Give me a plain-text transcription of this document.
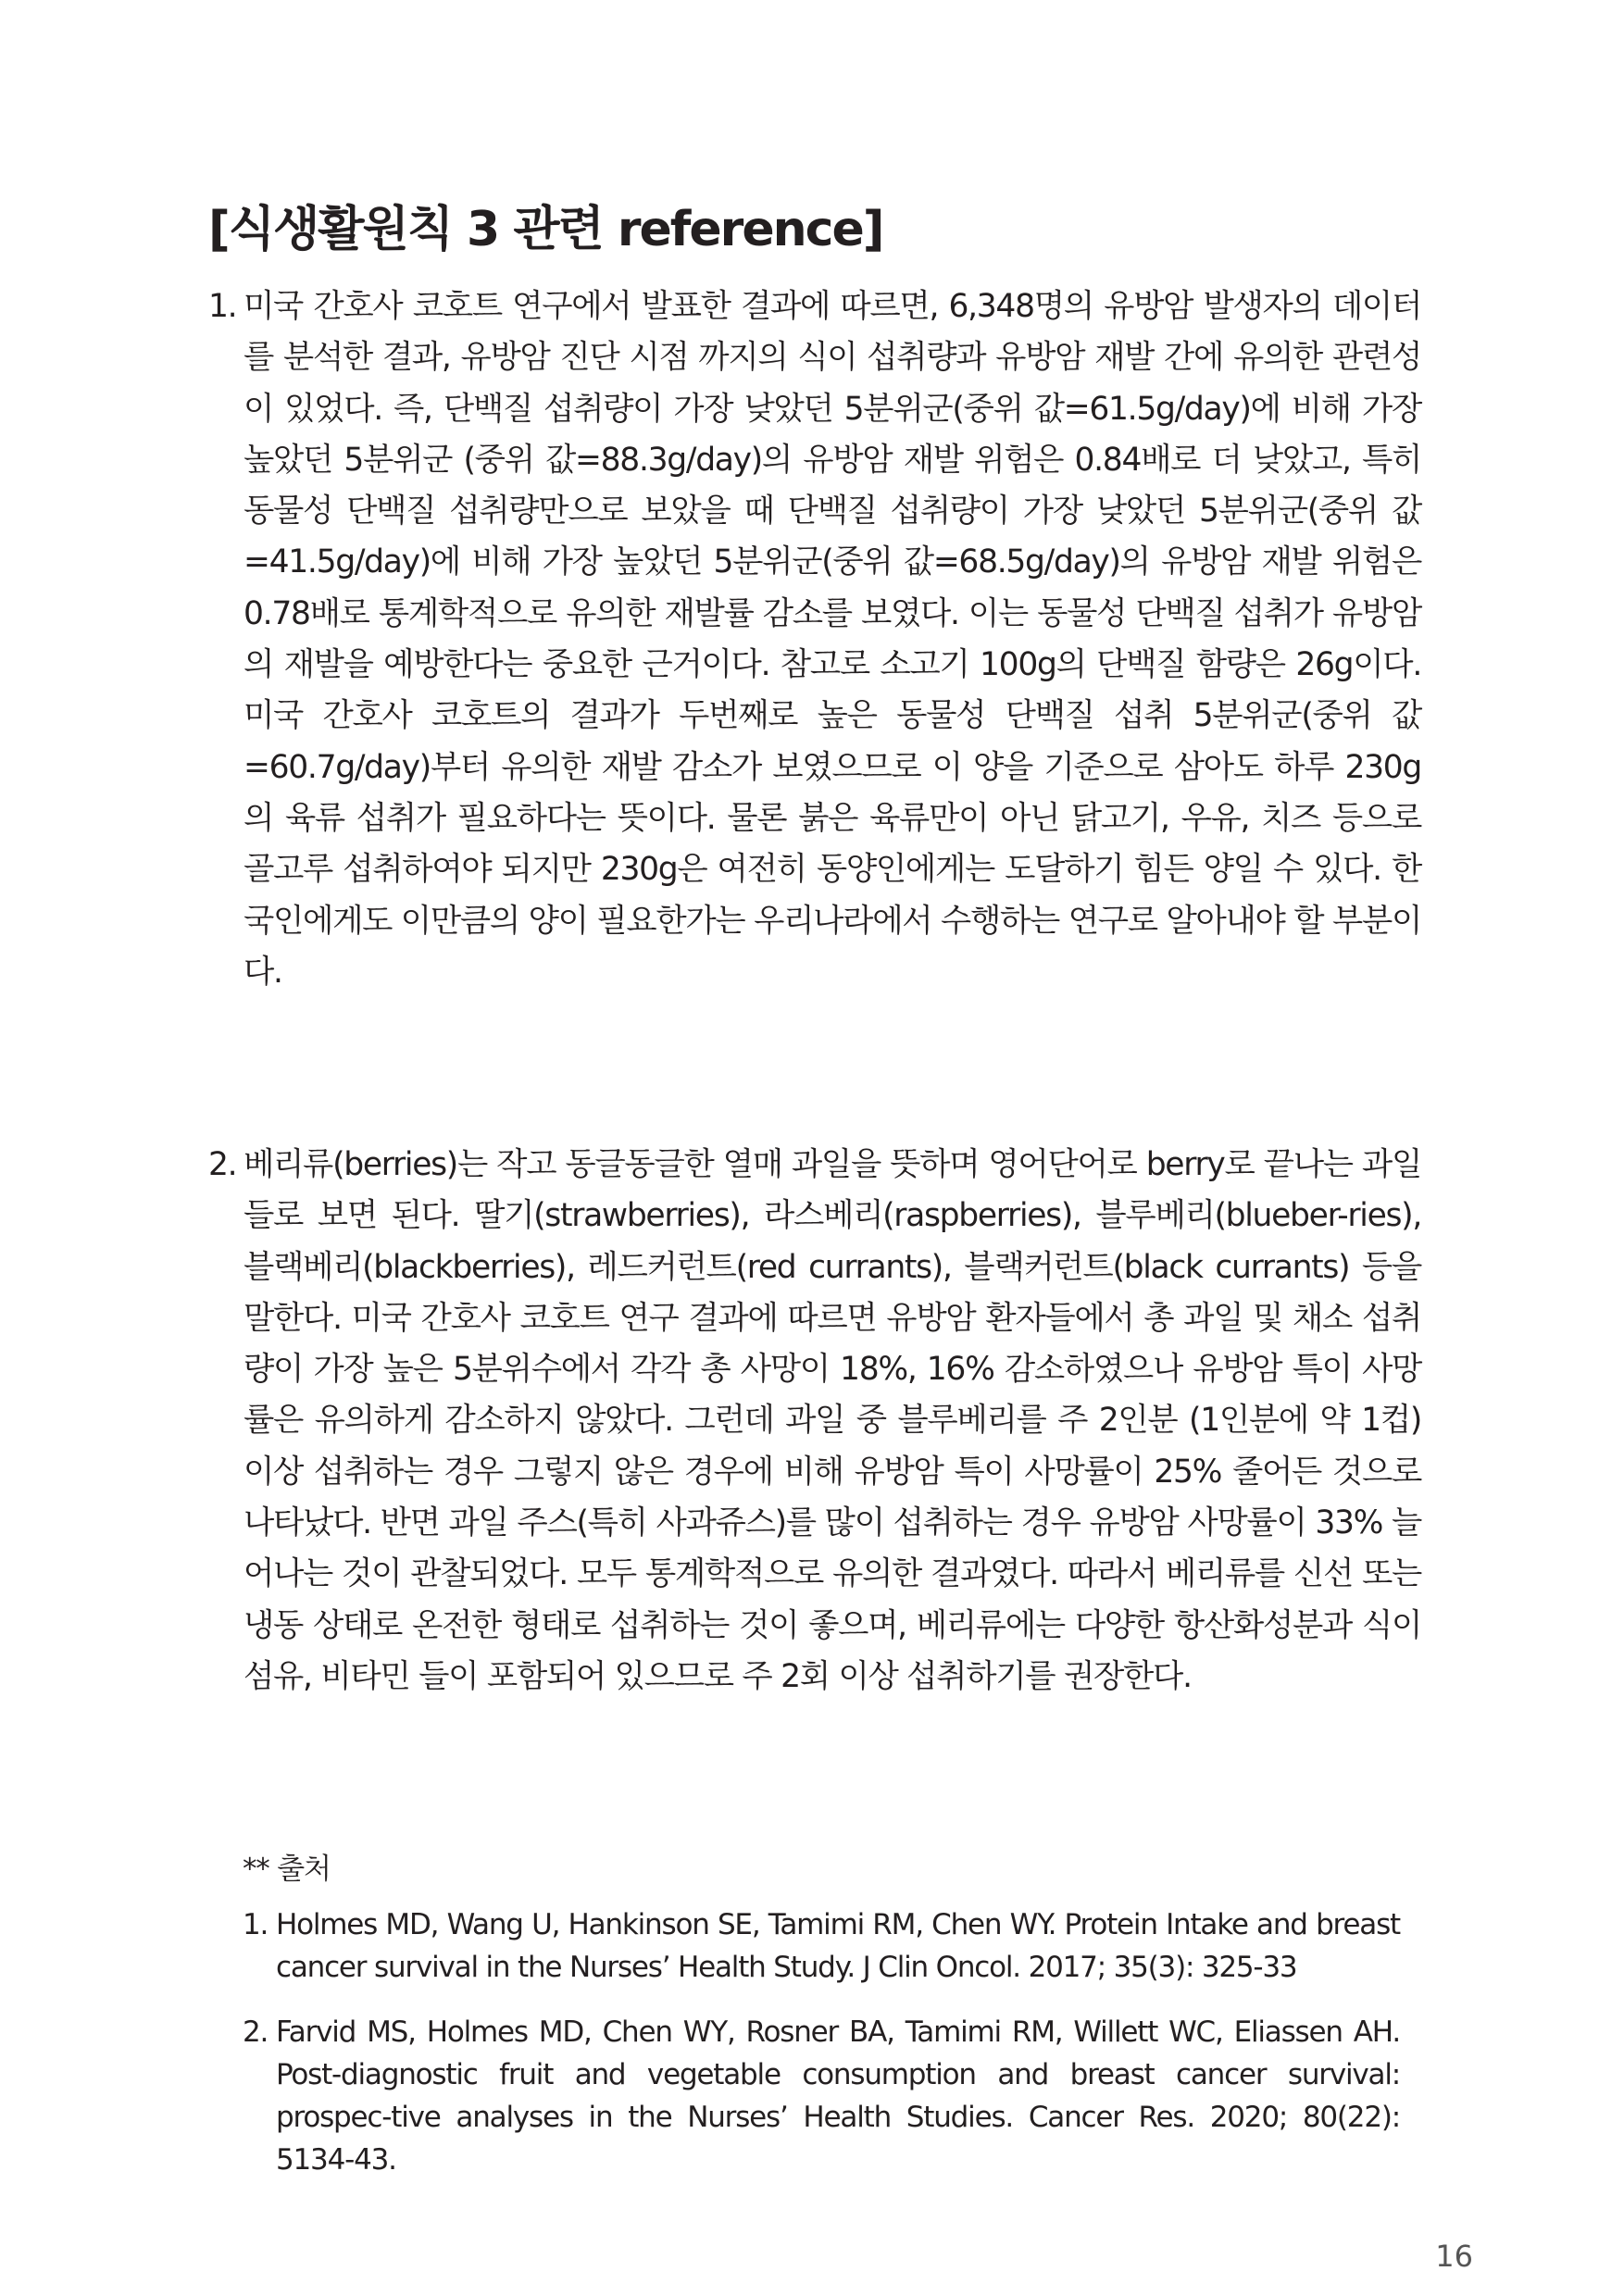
[식생활원칙 3 관련 reference]
1. 미국 간호사 코호트 연구에서 발표한 결과에 따르면, 6,348명의 유방암 발생자의 데이터를 분석한 결과, 유방암 진단 시점 까지의 식이 섭취량과 유방암 재발 간에 유의한 관련성이 있었다. 즉, 단백질 섭취량이 가장 낮았던 5분위군(중위 값=61.5g/day)에 비해 가장 높았던 5분위군 (중위 값=88.3g/day)의 유방암 재발 위험은 0.84배로 더 낮았고, 특히 동물성 단백질 섭취량만으로 보았을 때 단백질 섭취량이 가장 낮았던 5분위군(중위 값=41.5g/day)에 비해 가장 높았던 5분위군(중위 값=68.5g/day)의 유방암 재발 위험은 0.78배로 통계학적으로 유의한 재발률 감소를 보였다. 이는 동물성 단백질 섭취가 유방암의 재발을 예방한다는 중요한 근거이다. 참고로 소고기 100g의 단백질 함량은 26g이다. 미국 간호사 코호트의 결과가 두번째로 높은 동물성 단백질 섭취 5분위군(중위 값=60.7g/day)부터 유의한 재발 감소가 보였으므로 이 양을 기준으로 삼아도 하루 230g의 육류 섭취가 필요하다는 뜻이다. 물론 붉은 육류만이 아닌 닭고기, 우유, 치즈 등으로 골고루 섭취하여야 되지만 230g은 여전히 동양인에게는 도달하기 힘든 양일 수 있다. 한국인에게도 이만큼의 양이 필요한가는 우리나라에서 수행하는 연구로 알아내야 할 부분이다.
2. 베리류(berries)는 작고 동글동글한 열매 과일을 뜻하며 영어단어로 berry로 끝나는 과일들로 보면 된다. 딸기(strawberries), 라스베리(raspberries), 블루베리(blueber-ries), 블랙베리(blackberries), 레드커런트(red currants), 블랙커런트(black currants) 등을 말한다. 미국 간호사 코호트 연구 결과에 따르면 유방암 환자들에서 총 과일 및 채소 섭취량이 가장 높은 5분위수에서 각각 총 사망이 18%, 16% 감소하였으나 유방암 특이 사망률은 유의하게 감소하지 않았다. 그런데 과일 중 블루베리를 주 2인분 (1인분에 약 1컵) 이상 섭취하는 경우 그렇지 않은 경우에 비해 유방암 특이 사망률이 25% 줄어든 것으로 나타났다. 반면 과일 주스(특히 사과쥬스)를 많이 섭취하는 경우 유방암 사망률이 33% 늘어나는 것이 관찰되었다. 모두 통계학적으로 유의한 결과였다. 따라서 베리류를 신선 또는 냉동 상태로 온전한 형태로 섭취하는 것이 좋으며, 베리류에는 다양한 항산화성분과 식이섬유, 비타민 들이 포함되어 있으므로 주 2회 이상 섭취하기를 권장한다.

** 출처

1. Holmes MD, Wang U, Hankinson SE, Tamimi RM, Chen WY. Protein Intake and breast cancer survival in the Nurses’ Health Study. J Clin Oncol. 2017; 35(3): 325-33
2. Farvid MS, Holmes MD, Chen WY, Rosner BA, Tamimi RM, Willett WC, Eliassen AH. Post-diagnostic fruit and vegetable consumption and breast cancer survival: prospec-tive analyses in the Nurses’ Health Studies. Cancer Res. 2020; 80(22): 5134-43.
16
